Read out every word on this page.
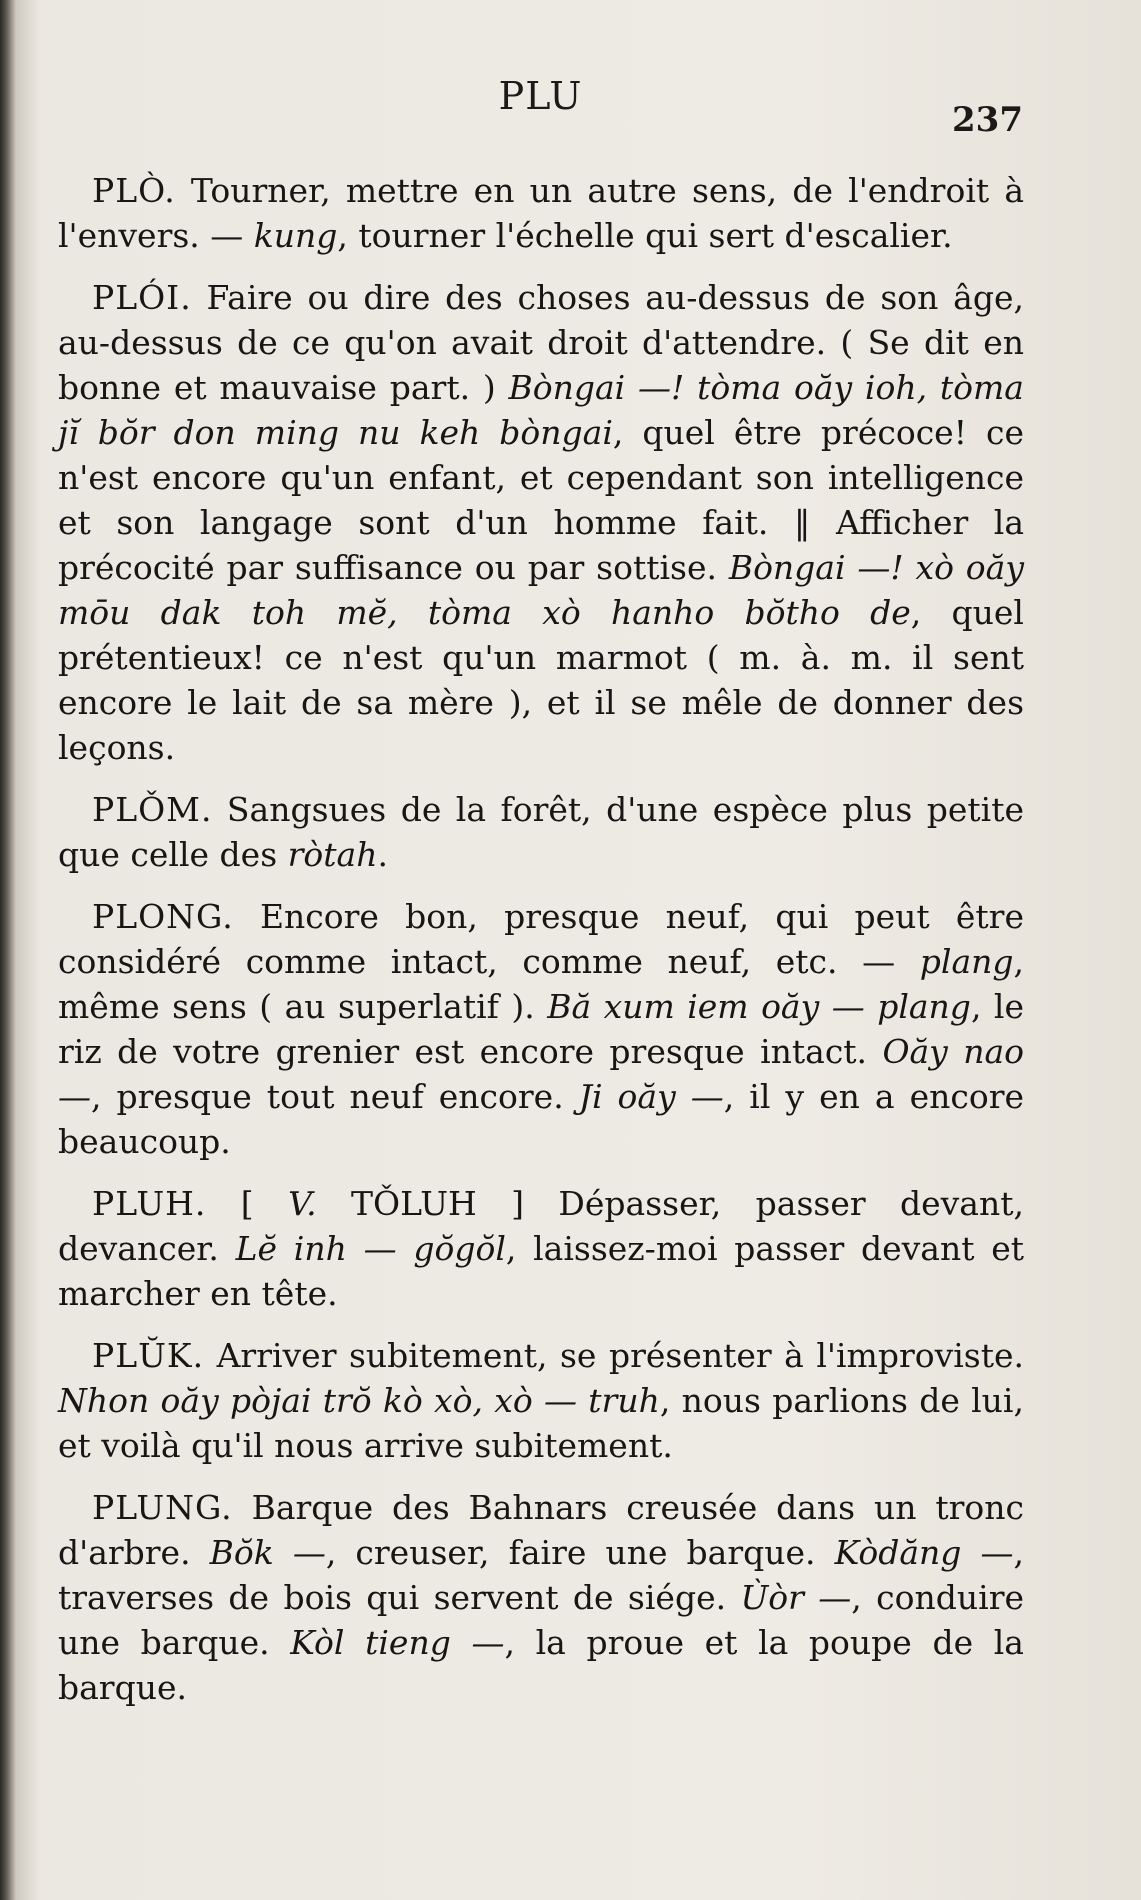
PLU
237

PLÒ. Tourner, mettre en un autre sens, de l'endroit à l'envers. — kung, tourner l'échelle qui sert d'escalier.

PLÓI. Faire ou dire des choses au-dessus de son âge, au-dessus de ce qu'on avait droit d'attendre. ( Se dit en bonne et mauvaise part. ) Bòngai —! tòma oăy ioh, tòma jĭ bŏr don ming nu keh bòngai, quel être précoce! ce n'est encore qu'un enfant, et cependant son intelligence et son langage sont d'un homme fait. ‖ Afficher la précocité par suffisance ou par sottise. Bòngai —! xò oăy mōu dak toh mĕ, tòma xò hanho bŏtho de, quel prétentieux! ce n'est qu'un marmot ( m. à. m. il sent encore le lait de sa mère ), et il se mêle de donner des leçons.

PLǑM. Sangsues de la forêt, d'une espèce plus petite que celle des ròtah.

PLONG. Encore bon, presque neuf, qui peut être considéré comme intact, comme neuf, etc. — plang, même sens ( au superlatif ). Bă xum iem oăy — plang, le riz de votre grenier est encore presque intact. Oăy nao —, presque tout neuf encore. Ji oăy —, il y en a encore beaucoup.

PLUH. [ V. TǑLUH ] Dépasser, passer devant, devancer. Lĕ inh — gŏgŏl, laissez-moi passer devant et marcher en tête.

PLŬK. Arriver subitement, se présenter à l'improviste. Nhon oăy pòjai trŏ kò xò, xò — truh, nous parlions de lui, et voilà qu'il nous arrive subitement.

PLUNG. Barque des Bahnars creusée dans un tronc d'arbre. Bŏk —, creuser, faire une barque. Kòdăng —, traverses de bois qui servent de siége. Ùòr —, conduire une barque. Kòl tieng —, la proue et la poupe de la barque.
